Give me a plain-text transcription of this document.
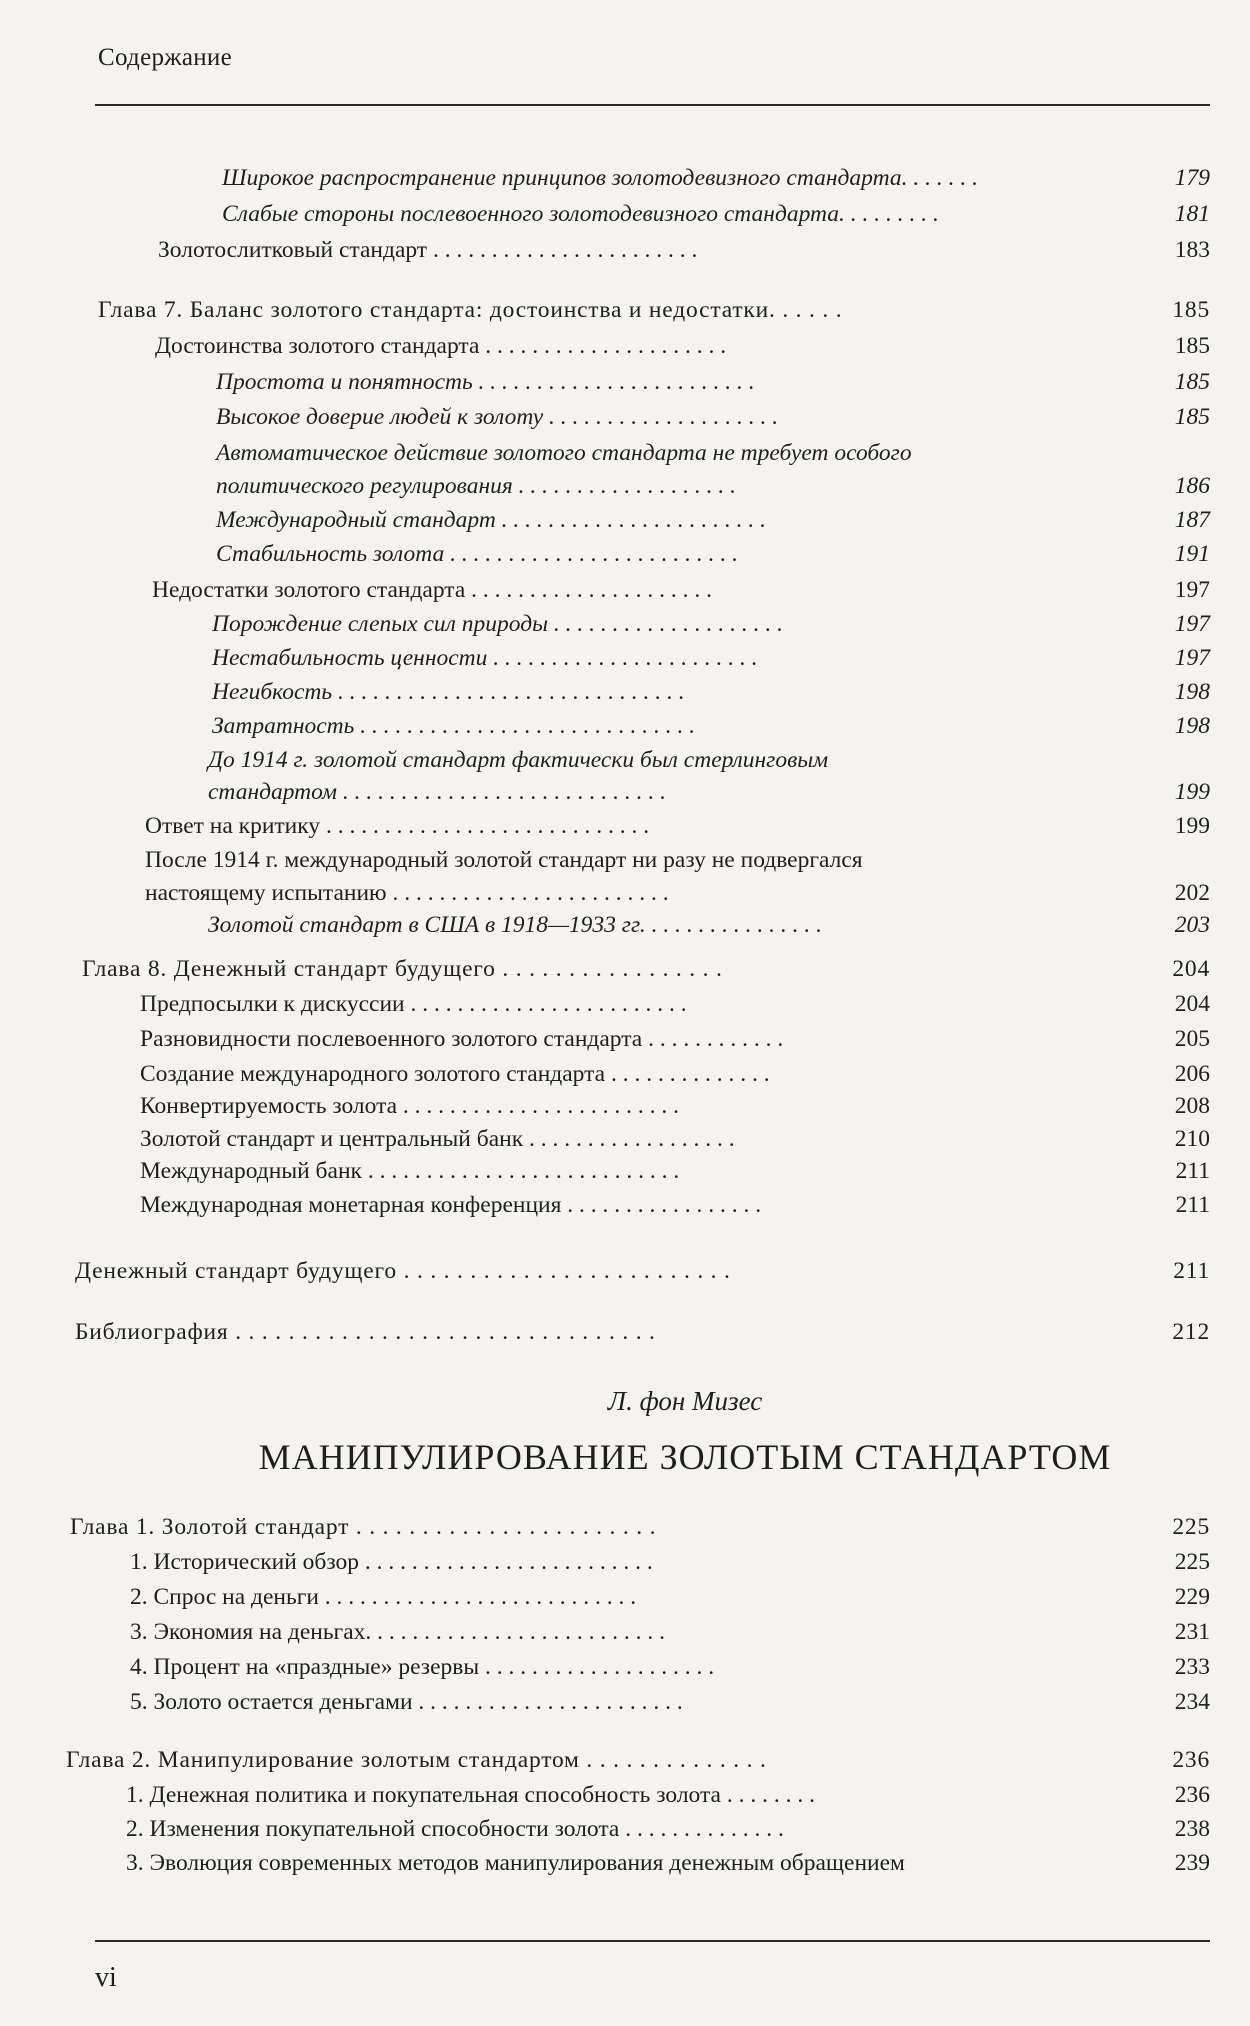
Содержание
Широкое распространение принципов золотодевизного стандарта. . . . . . .	179
Слабые стороны послевоенного золотодевизного стандарта. . . . . . . . .	181
Золотослитковый стандарт . . . . . . . . . . . . . . . . . . . . . . .	183
Глава 7. Баланс золотого стандарта: достоинства и недостатки. . . . . .	185
Достоинства золотого стандарта . . . . . . . . . . . . . . . . . . . . .	185
Простота и понятность . . . . . . . . . . . . . . . . . . . . . . . .	185
Высокое доверие людей к золоту . . . . . . . . . . . . . . . . . . . .	185
Автоматическое действие золотого стандарта не требует особого
политического регулирования . . . . . . . . . . . . . . . . . . .	186
Международный стандарт . . . . . . . . . . . . . . . . . . . . . . .	187
Стабильность золота . . . . . . . . . . . . . . . . . . . . . . . . .	191
Недостатки золотого стандарта . . . . . . . . . . . . . . . . . . . . .	197
Порождение слепых сил природы . . . . . . . . . . . . . . . . . . . .	197
Нестабильность ценности . . . . . . . . . . . . . . . . . . . . . . .	197
Негибкость . . . . . . . . . . . . . . . . . . . . . . . . . . . . . .	198
Затратность . . . . . . . . . . . . . . . . . . . . . . . . . . . . .	198
До 1914 г. золотой стандарт фактически был стерлинговым
стандартом . . . . . . . . . . . . . . . . . . . . . . . . . . . .	199
Ответ на критику . . . . . . . . . . . . . . . . . . . . . . . . . . . .	199
После 1914 г. международный золотой стандарт ни разу не подвергался
настоящему испытанию . . . . . . . . . . . . . . . . . . . . . . . .	202
Золотой стандарт в США в 1918—1933 гг. . . . . . . . . . . . . . . .	203
Глава 8. Денежный стандарт будущего . . . . . . . . . . . . . . . . .	204
Предпосылки к дискуссии . . . . . . . . . . . . . . . . . . . . . . . .	204
Разновидности послевоенного золотого стандарта . . . . . . . . . . . .	205
Создание международного золотого стандарта . . . . . . . . . . . . . .	206
Конвертируемость золота . . . . . . . . . . . . . . . . . . . . . . . .	208
Золотой стандарт и центральный банк . . . . . . . . . . . . . . . . . .	210
Международный банк . . . . . . . . . . . . . . . . . . . . . . . . . . .	211
Международная монетарная конференция . . . . . . . . . . . . . . . . .	211
Денежный стандарт будущего . . . . . . . . . . . . . . . . . . . . . . . . .	211
Библиография . . . . . . . . . . . . . . . . . . . . . . . . . . . . . . . .	212
Л. фон Мизес
МАНИПУЛИРОВАНИЕ ЗОЛОТЫМ СТАНДАРТОМ
Глава 1. Золотой стандарт . . . . . . . . . . . . . . . . . . . . . . .	225
1. Исторический обзор . . . . . . . . . . . . . . . . . . . . . . . . .	225
2. Спрос на деньги . . . . . . . . . . . . . . . . . . . . . . . . . . .	229
3. Экономия на деньгах. . . . . . . . . . . . . . . . . . . . . . . . . .	231
4. Процент на «праздные» резервы . . . . . . . . . . . . . . . . . . . .	233
5. Золото остается деньгами . . . . . . . . . . . . . . . . . . . . . . .	234
Глава 2. Манипулирование золотым стандартом . . . . . . . . . . . . . .	236
1. Денежная политика и покупательная способность золота . . . . . . . .	236
2. Изменения покупательной способности золота . . . . . . . . . . . . . .	238
3. Эволюция современных методов манипулирования денежным обращением	239
vi
